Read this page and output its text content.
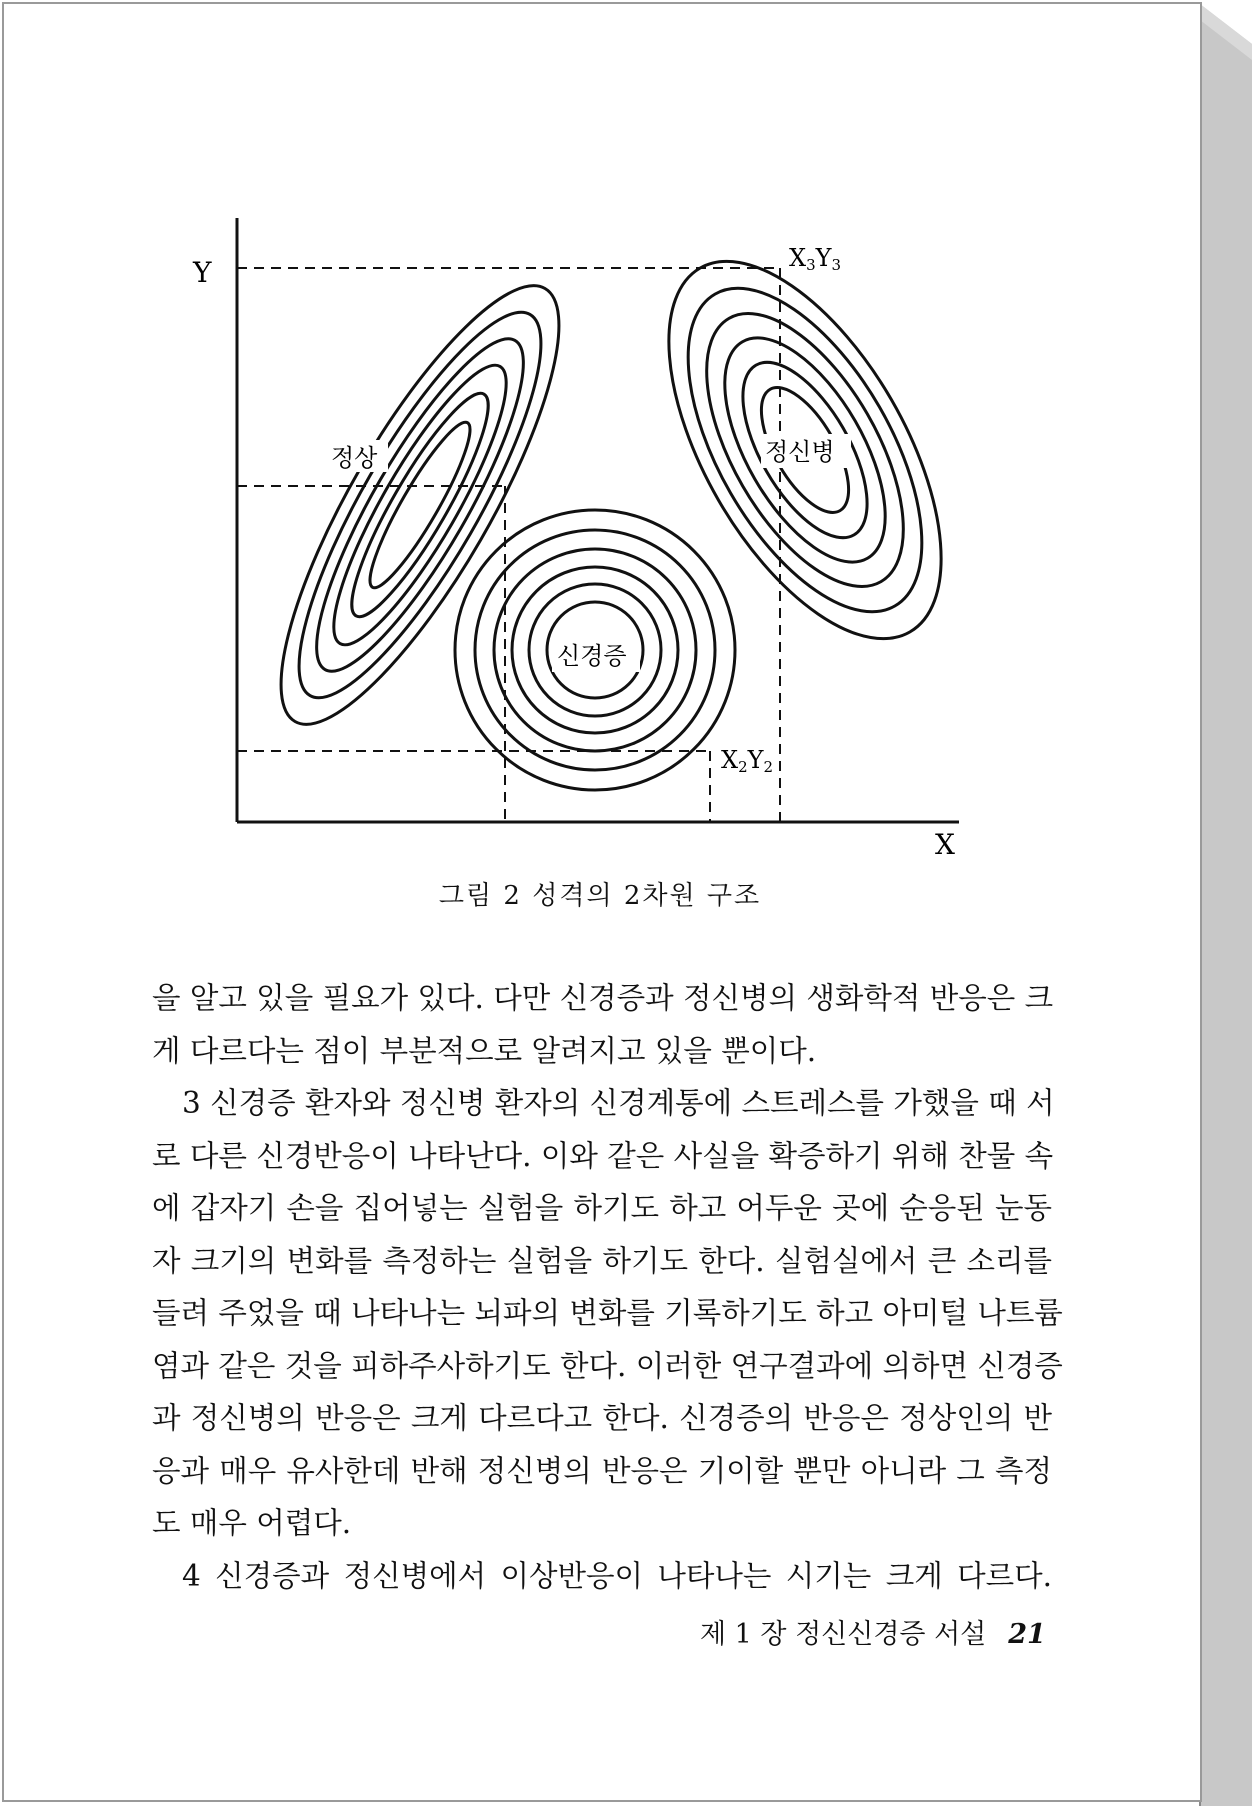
Y
X
정상
신경증
정신병
X3Y3
X2Y2
그림 2 성격의 2차원 구조
을 알고 있을 필요가 있다. 다만 신경증과 정신병의 생화학적 반응은 크
게 다르다는 점이 부분적으로 알려지고 있을 뿐이다.
3 신경증 환자와 정신병 환자의 신경계통에 스트레스를 가했을 때 서
로 다른 신경반응이 나타난다. 이와 같은 사실을 확증하기 위해 찬물 속
에 갑자기 손을 집어넣는 실험을 하기도 하고 어두운 곳에 순응된 눈동
자 크기의 변화를 측정하는 실험을 하기도 한다. 실험실에서 큰 소리를
들려 주었을 때 나타나는 뇌파의 변화를 기록하기도 하고 아미털 나트륨
염과 같은 것을 피하주사하기도 한다. 이러한 연구결과에 의하면 신경증
과 정신병의 반응은 크게 다르다고 한다. 신경증의 반응은 정상인의 반
응과 매우 유사한데 반해 정신병의 반응은 기이할 뿐만 아니라 그 측정
도 매우 어렵다.
4 신경증과 정신병에서 이상반응이 나타나는 시기는 크게 다르다.
제 1 장 정신신경증 서설 21
